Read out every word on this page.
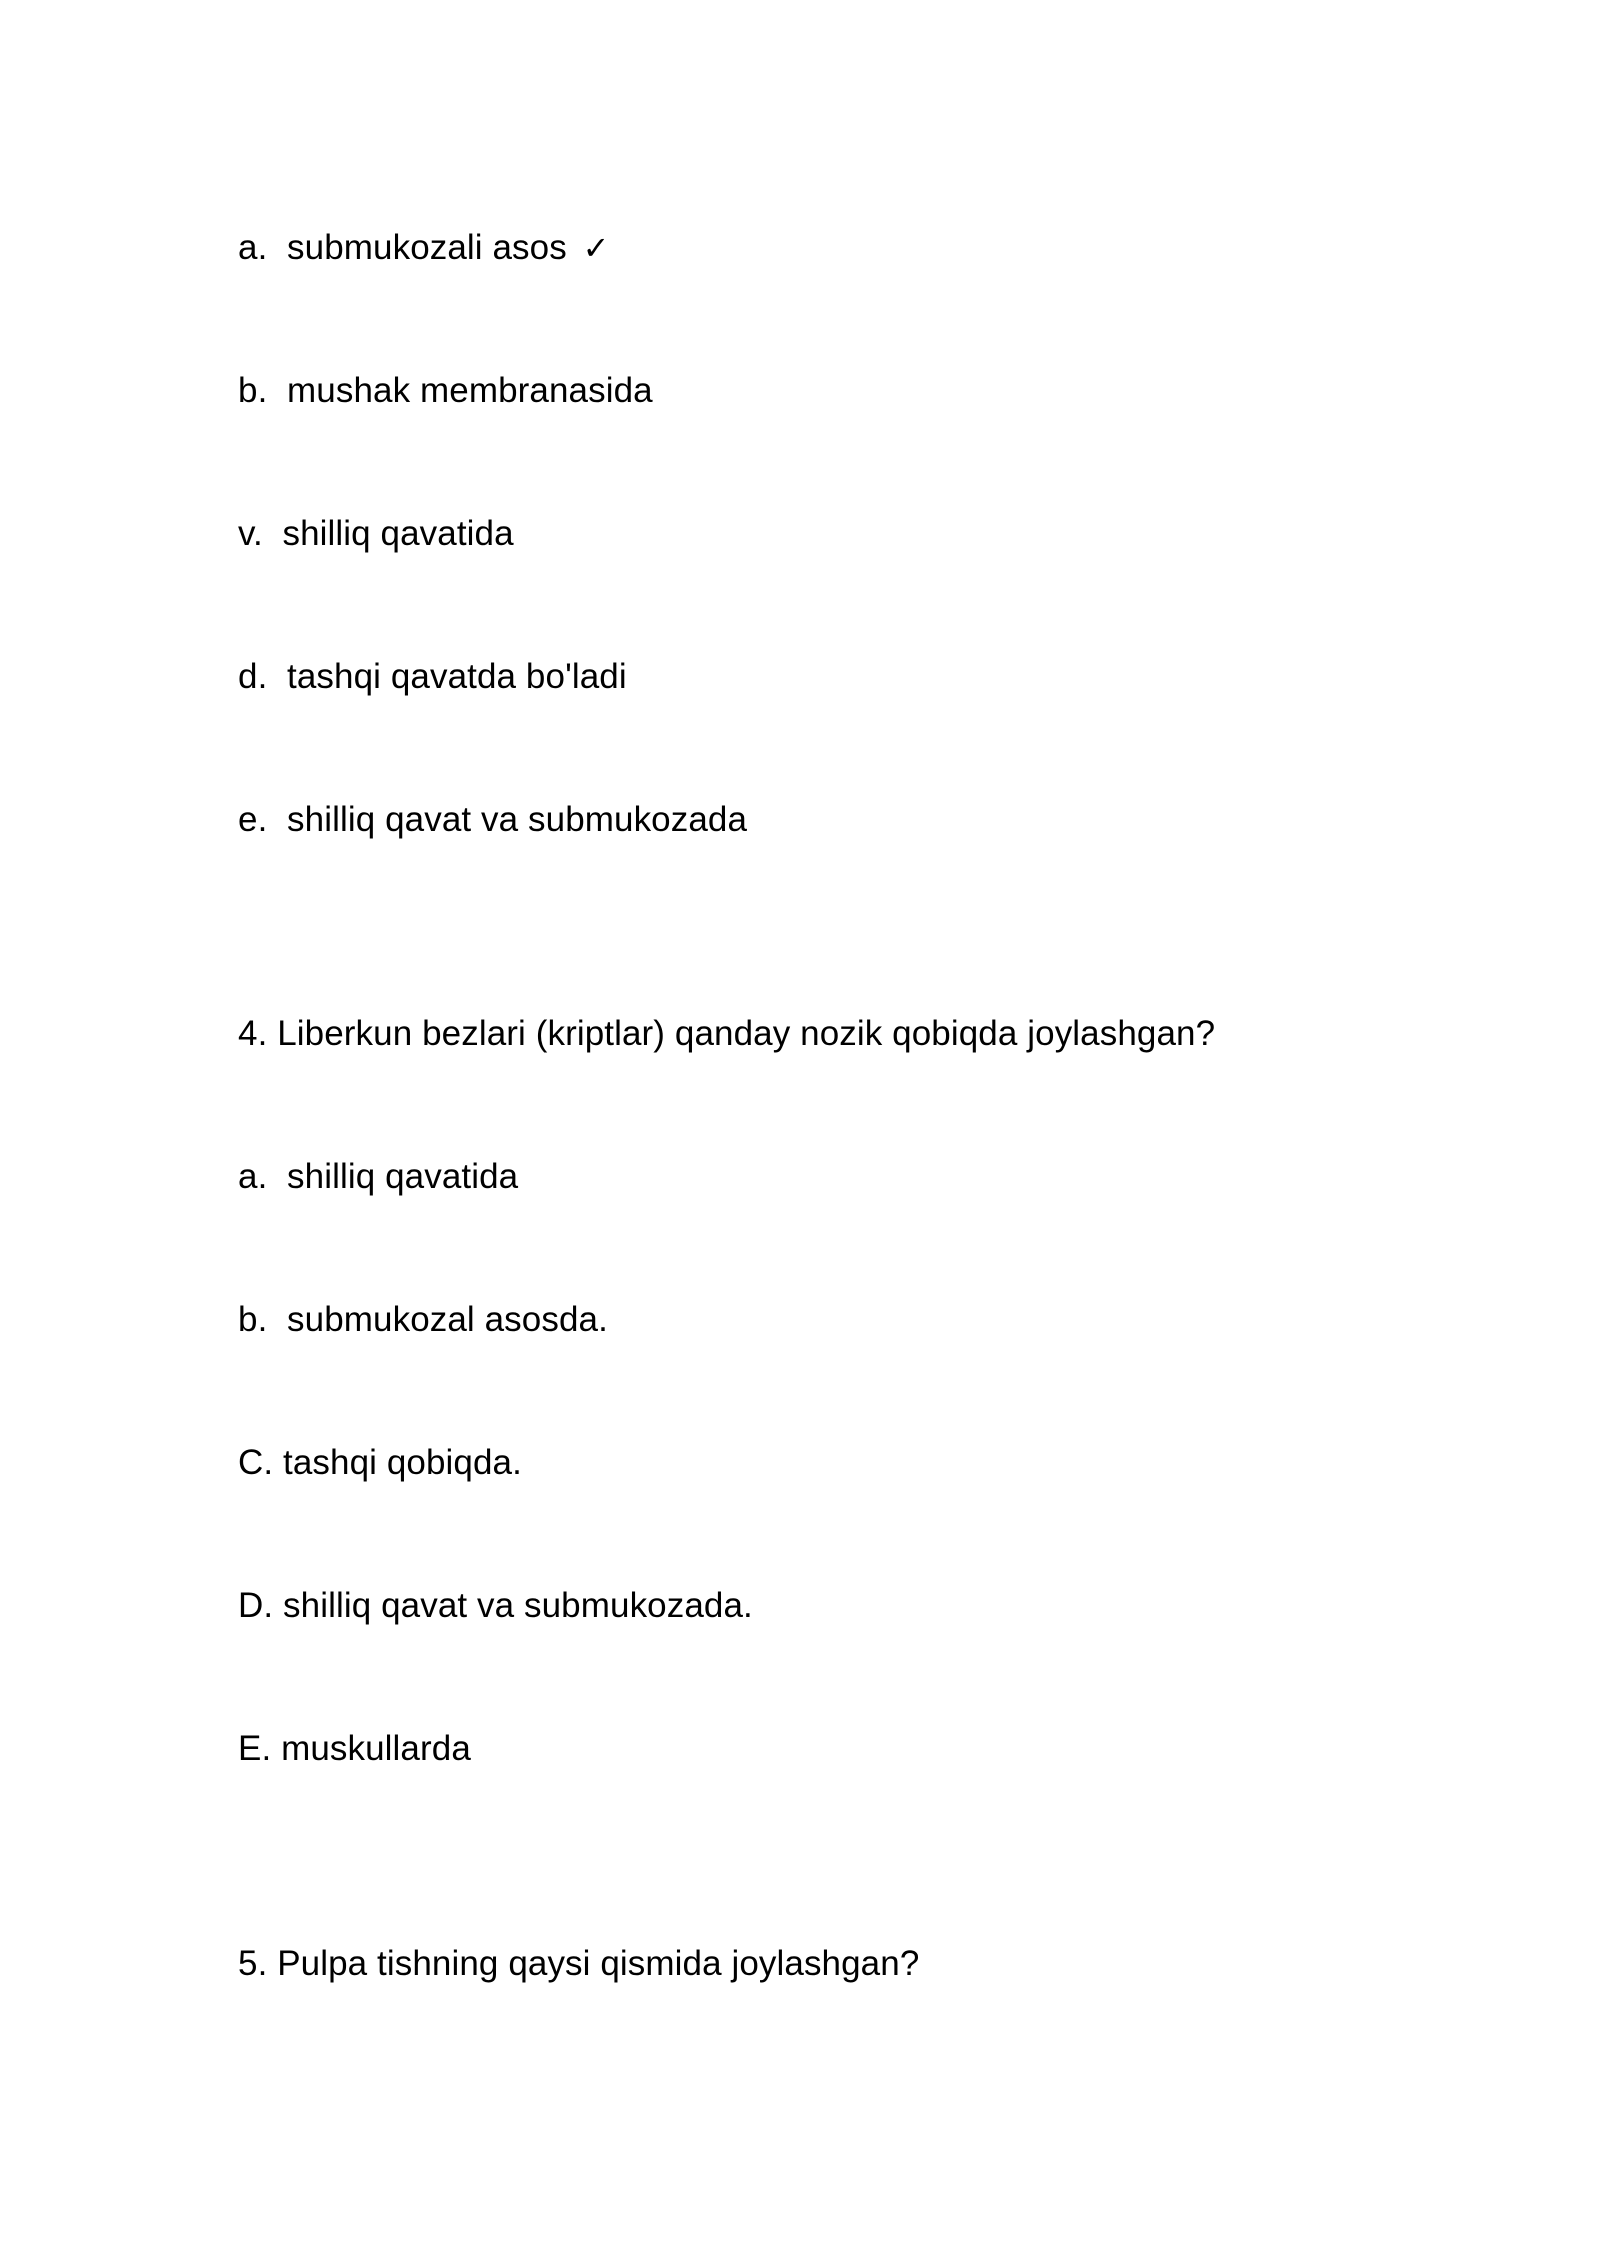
a.  submukozali asos ✓
b.  mushak membranasida
v.  shilliq qavatida
d.  tashqi qavatda bo'ladi
e.  shilliq qavat va submukozada
4. Liberkun bezlari (kriptlar) qanday nozik qobiqda joylashgan?
a.  shilliq qavatida
b.  submukozal asosda.
C. tashqi qobiqda.
D. shilliq qavat va submukozada.
E. muskullarda
5. Pulpa tishning qaysi qismida joylashgan?
